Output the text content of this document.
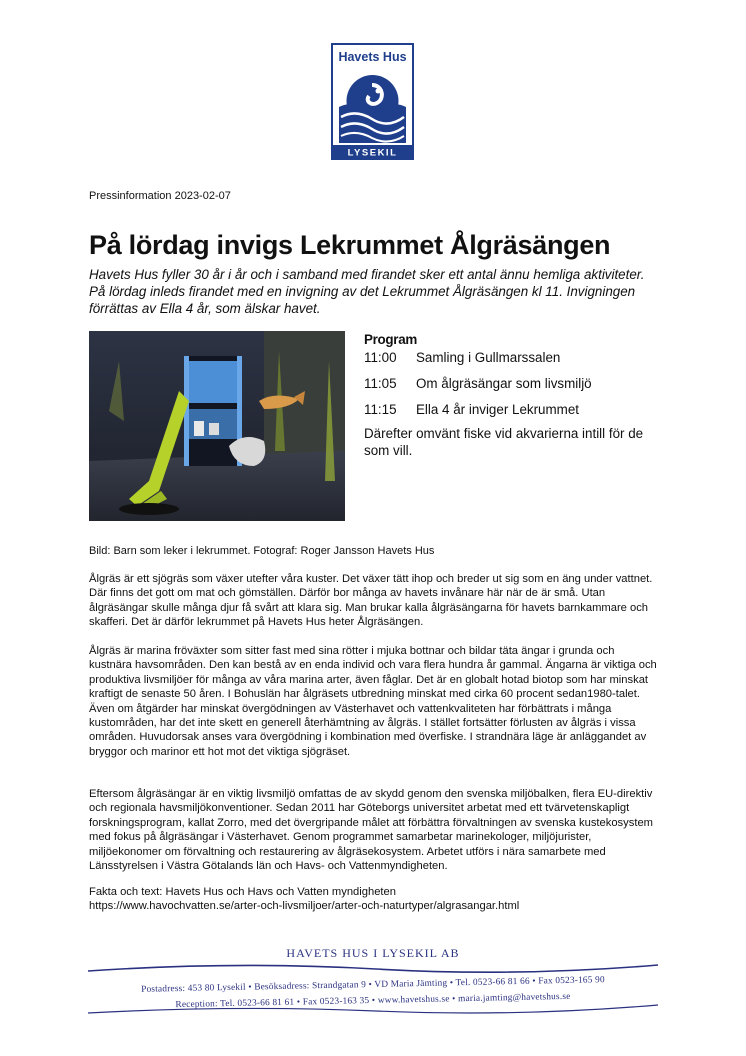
Havets Hus
LYSEKIL
Pressinformation 2023-02-07
På lördag invigs Lekrummet Ålgräsängen
Havets Hus fyller 30 år i år och i samband med firandet sker ett antal ännu hemliga aktiviteter. På lördag inleds firandet med en invigning av det Lekrummet Ålgräsängen kl 11. Invigningen förrättas av Ella 4 år, som älskar havet.
Program
11:00	Samling i Gullmarssalen
11:05	Om ålgräsängar som livsmiljö
11:15	Ella 4 år inviger Lekrummet
Därefter omvänt fiske vid akvarierna intill för de som vill.
Bild: Barn som leker i lekrummet. Fotograf: Roger Jansson Havets Hus
Ålgräs är ett sjögräs som växer utefter våra kuster. Det växer tätt ihop och breder ut sig som en äng under vattnet. Där finns det gott om mat och gömställen. Därför bor många av havets invånare här när de är små. Utan ålgräsängar skulle många djur få svårt att klara sig. Man brukar kalla ålgräsängarna för havets barnkammare och skafferi. Det är därför lekrummet på Havets Hus heter Ålgräsängen.
Ålgräs är marina fröväxter som sitter fast med sina rötter i mjuka bottnar och bildar täta ängar i grunda och kustnära havsområden. Den kan bestå av en enda individ och vara flera hundra år gammal. Ängarna är viktiga och produktiva livsmiljöer för många av våra marina arter, även fåglar. Det är en globalt hotad biotop som har minskat kraftigt de senaste 50 åren. I Bohuslän har ålgräsets utbredning minskat med cirka 60 procent sedan1980-talet. Även om åtgärder har minskat övergödningen av Västerhavet och vattenkvaliteten har förbättrats i många kustområden, har det inte skett en generell återhämtning av ålgräs. I stället fortsätter förlusten av ålgräs i vissa områden. Huvudorsak anses vara övergödning i kombination med överfiske. I strandnära läge är anläggandet av bryggor och marinor ett hot mot det viktiga sjögräset.
Eftersom ålgräsängar är en viktig livsmiljö omfattas de av skydd genom den svenska miljöbalken, flera EU-direktiv och regionala havsmiljökonventioner. Sedan 2011 har Göteborgs universitet arbetat med ett tvärvetenskapligt forskningsprogram, kallat Zorro, med det övergripande målet att förbättra förvaltningen av svenska kustekosystem med fokus på ålgräsängar i Västerhavet. Genom programmet samarbetar marinekologer, miljöjurister, miljöekonomer om förvaltning och restaurering av ålgräsekosystem. Arbetet utförs i nära samarbete med Länsstyrelsen i Västra Götalands län och Havs- och Vattenmyndigheten.
Fakta och text: Havets Hus och Havs och Vatten myndigheten
https://www.havochvatten.se/arter-och-livsmiljoer/arter-och-naturtyper/algrasangar.html
HAVETS HUS I LYSEKIL AB
Postadress: 453 80 Lysekil • Besöksadress: Strandgatan 9 • VD Maria Jämting • Tel. 0523-66 81 66 • Fax 0523-165 90
Reception: Tel. 0523-66 81 61 • Fax 0523-163 35 • www.havetshus.se • maria.jamting@havetshus.se
